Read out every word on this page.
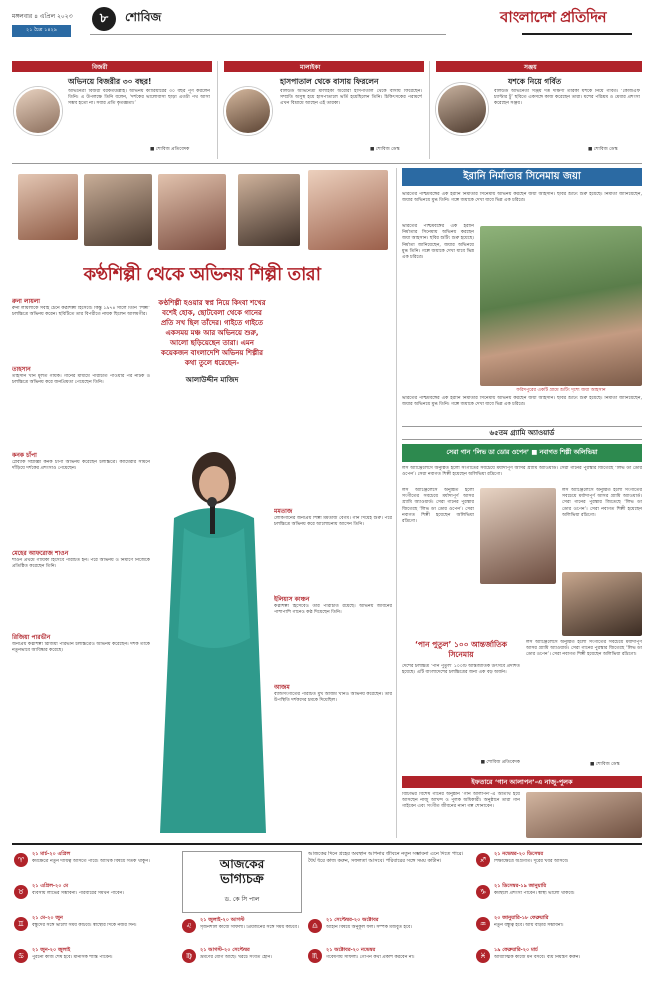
মঙ্গলবার ৪ এপ্রিল ২০২৩
২১ চৈত্র ১৪২৯
৮	শোবিজ	বাংলাদেশ প্রতিদিন
বিজরী
অভিনয়ে বিজরীর ৩০ বছর!
অভিনেত্রী বিজরী বরকতউল্লাহ। অভিনয় ক্যারিয়ারের ৩০ বছর পূর্ণ করলেন তিনি। এ উপলক্ষে তিনি বলেন, ‘দর্শকের ভালোবাসা ছাড়া এতটা পথ আসা সম্ভব হতো না। সবার প্রতি কৃতজ্ঞতা।’
■ শোবিজ প্রতিবেদক
মালাইকা
হাসপাতাল থেকে বাসায় ফিরলেন
বলিউড অভিনেত্রী মালাইকা অরোরা হাসপাতাল থেকে বাসায় ফিরেছেন। সম্প্রতি অসুস্থ হয়ে হাসপাতালে ভর্তি হয়েছিলেন তিনি। চিকিৎসকের পরামর্শে এখন বিশ্রামে আছেন এই তারকা।
■ শোবিজ ডেস্ক
সঞ্জয়
যশকে নিয়ে গর্বিত
বলিউড অভিনেতা সঞ্জয় দত্ত দক্ষিণী তারকা যশকে নিয়ে গর্বিত। ‘কেজিএফ চ্যাপ্টার টু’ ছবিতে একসঙ্গে কাজ করেছেন তারা। যশের পরিশ্রম ও মেধার প্রশংসা করেছেন সঞ্জয়।
■ শোবিজ ডেস্ক
কণ্ঠশিল্পী থেকে অভিনয় শিল্পী তারা
রুনা লায়লা
রুনা লায়লাকে সবাই চেনে কণ্ঠশিল্পী হিসেবে। কিন্তু ১৯৭৪ সালে তিনি ‘শিল্পী’ চলচ্চিত্রে অভিনয় করেন। ছবিটিতে তার বিপরীতে নায়ক ছিলেন আলমগীর।
তাহসান
তাহসান খান মূলত গায়ক। গানের মাধ্যমে পরিচিতি পাওয়ার পর নাটক ও চলচ্চিত্রে অভিনয় করে জনপ্রিয়তা পেয়েছেন তিনি।
কনক চাঁপা
প্লেব্যাক সম্রাজ্ঞী কনক চাঁপা অভিনয় করেছেন চলচ্চিত্রে। ক্যামেরার সামনে দাঁড়িয়ে দর্শকের প্রশংসাও পেয়েছেন।
মেহের আফরোজ শাওন
শাওন প্রথমে গায়িকা হিসেবে পরিচিত হন। পরে অভিনয় ও নির্মাণে নিজেকে প্রতিষ্ঠিত করেছেন তিনি।
রিজিয়া পারভীন
জনপ্রিয় কণ্ঠশিল্পী রিজিয়া পারভীন চলচ্চিত্রেও অভিনয় করেছেন। দর্শক তাকে নতুনভাবে আবিষ্কার করেছে।
কণ্ঠশিল্পী হওয়ার স্বপ্ন নিয়ে কিংবা শখের বশেই হোক, ছোটবেলা থেকে গানের প্রতি সখ ছিল তাঁদের। গাইতে গাইতে একসময় মঞ্চ আর অভিনয়ে শুরু, আলো ছড়িয়েছেন তারা। এমন কয়েকজন বাংলাদেশি অভিনয় শিল্পীর কথা তুলে ধরেছেন-
আলাউদ্দীন মাজিদ
মমতাজ
লোকগানের জনপ্রিয় শিল্পী মমতাজ বেগম। গান দিয়েই শুরু। পরে চলচ্চিত্রে অভিনয় করে আলোচনায় আসেন তিনি।
ইলিয়াস কাঞ্চন
কণ্ঠশিল্পী হিসেবেও তার পরিচিতি রয়েছে। অভিনয় জীবনের পাশাপাশি গানেও কণ্ঠ দিয়েছেন তিনি।
আজম
ব্যান্ডসংগীতের পরিচিত মুখ আজম খানও অভিনয় করেছেন। তার উপস্থিতি দর্শকদের চমকে দিয়েছিল।
ইরানি নির্মাতার সিনেমায় জয়া
ভারতের পশ্চিমবঙ্গের এক ইরানি নির্মাতার সিনেমায় অভিনয় করছেন জয়া আহসান। ছবির শুটিং শুরু হয়েছে। নির্মাতা জানিয়েছেন, জয়ার অভিনয়ে মুগ্ধ তিনি। গল্পে জয়াকে দেখা যাবে ভিন্ন এক চরিত্রে।
ভারতের পশ্চিমবঙ্গের এক ইরানি নির্মাতার সিনেমায় অভিনয় করছেন জয়া আহসান। ছবির শুটিং শুরু হয়েছে। নির্মাতা জানিয়েছেন, জয়ার অভিনয়ে মুগ্ধ তিনি। গল্পে জয়াকে দেখা যাবে ভিন্ন এক চরিত্রে।
ফরিদপুরের একটি গ্রামে শুটিং দৃশ্যে জয়া আহসান
ভারতের পশ্চিমবঙ্গের এক ইরানি নির্মাতার সিনেমায় অভিনয় করছেন জয়া আহসান। ছবির শুটিং শুরু হয়েছে। নির্মাতা জানিয়েছেন, জয়ার অভিনয়ে মুগ্ধ তিনি। গল্পে জয়াকে দেখা যাবে ভিন্ন এক চরিত্রে।
৬৫তম গ্র্যামি অ্যাওয়ার্ড
সেরা গান ‘লিভ ডা ডোর ওপেন’ ■ নবাগত শিল্পী অলিভিয়া
লস অ্যাঞ্জেলেসে অনুষ্ঠিত হলো সংগীতের সবচেয়ে মর্যাদাপূর্ণ আসর গ্র্যামি অ্যাওয়ার্ড। সেরা গানের পুরস্কার জিতেছে ‘লিভ ডা ডোর ওপেন’। সেরা নবাগত শিল্পী হয়েছেন অলিভিয়া রদ্রিগো।
লস অ্যাঞ্জেলেসে অনুষ্ঠিত হলো সংগীতের সবচেয়ে মর্যাদাপূর্ণ আসর গ্র্যামি অ্যাওয়ার্ড। সেরা গানের পুরস্কার জিতেছে ‘লিভ ডা ডোর ওপেন’। সেরা নবাগত শিল্পী হয়েছেন অলিভিয়া রদ্রিগো।
লস অ্যাঞ্জেলেসে অনুষ্ঠিত হলো সংগীতের সবচেয়ে মর্যাদাপূর্ণ আসর গ্র্যামি অ্যাওয়ার্ড। সেরা গানের পুরস্কার জিতেছে ‘লিভ ডা ডোর ওপেন’। সেরা নবাগত শিল্পী হয়েছেন অলিভিয়া রদ্রিগো।
‘পান পুতুল’ ১০০ আন্তর্জাতিক সিনেমায়
দেশের চলচ্চিত্র ‘পান পুতুল’ ১০০টি আন্তর্জাতিক উৎসবে প্রদর্শিত হয়েছে। এটি বাংলাদেশের চলচ্চিত্রের জন্য এক বড় অর্জন।
■ শোবিজ প্রতিবেদক
লস অ্যাঞ্জেলেসে অনুষ্ঠিত হলো সংগীতের সবচেয়ে মর্যাদাপূর্ণ আসর গ্র্যামি অ্যাওয়ার্ড। সেরা গানের পুরস্কার জিতেছে ‘লিভ ডা ডোর ওপেন’। সেরা নবাগত শিল্পী হয়েছেন অলিভিয়া রদ্রিগো।
■ শোবিজ ডেস্ক
ইফতারে ‘গান আলাপন’-এ নাজু-পুলক
বিটিভির বিশেষ গানের অনুষ্ঠান ‘গান আলাপন’-এ অতিথি হয়ে আসছেন নাজু আখন্দ ও পুলক অধিকারী। অনুষ্ঠানে তারা গান গাইবেন এবং সংগীত জীবনের নানা গল্প শোনাবেন।
♈
২১ মার্চ-২০ এপ্রিল
কর্মক্ষেত্রে নতুন দায়িত্ব আসতে পারে। আর্থিক বিষয়ে সতর্ক থাকুন।
♉
২১ এপ্রিল-২০ মে
ব্যবসায় লাভের সম্ভাবনা। পরিবারের সমর্থন পাবেন।
♊
২১ মে-২০ জুন
বন্ধুদের সঙ্গে ভালো সময় কাটবে। স্বাস্থ্যের দিকে নজর দিন।
♋
২১ জুন-২০ জুলাই
পুরনো কাজ শেষ হবে। মানসিক শান্তি পাবেন।
আজকের
ভাগ্যচক্র
ড. কে সি পাল
আজকের দিনে গ্রহের অবস্থান আপনার জীবনে নতুন সম্ভাবনা এনে দিতে পারে। ধৈর্য ধরে কাজ করুন, সফলতা আসবে। পরিবারের সঙ্গে সময় কাটান।
♌
২১ জুলাই-২০ আগস্ট
সৃজনশীল কাজে সাফল্য। প্রিয়জনের সঙ্গে সময় কাটবে।
♍
২১ আগস্ট-২০ সেপ্টেম্বর
ভ্রমণের যোগ আছে। খরচে সংযত হোন।
♎
২১ সেপ্টেম্বর-২০ অক্টোবর
আইনি বিষয়ে অনুকূল ফল। সম্পর্ক মজবুত হবে।
♏
২১ অক্টোবর-২০ নভেম্বর
গবেষণায় সাফল্য। গোপন কথা প্রকাশ করবেন না।
♐
২১ নভেম্বর-২০ ডিসেম্বর
শিক্ষাক্ষেত্রে অগ্রগতি। দূরের খবর আসবে।
♑
২১ ডিসেম্বর-১৯ জানুয়ারি
কর্মস্থলে প্রশংসা পাবেন। স্বাস্থ্য ভালো থাকবে।
♒
২০ জানুয়ারি-১৮ ফেব্রুয়ারি
নতুন বন্ধুত্ব হবে। আয় বাড়ার সম্ভাবনা।
♓
১৯ ফেব্রুয়ারি-২০ মার্চ
আধ্যাত্মিক কাজে মন বসবে। ব্যয় নিয়ন্ত্রণ করুন।
